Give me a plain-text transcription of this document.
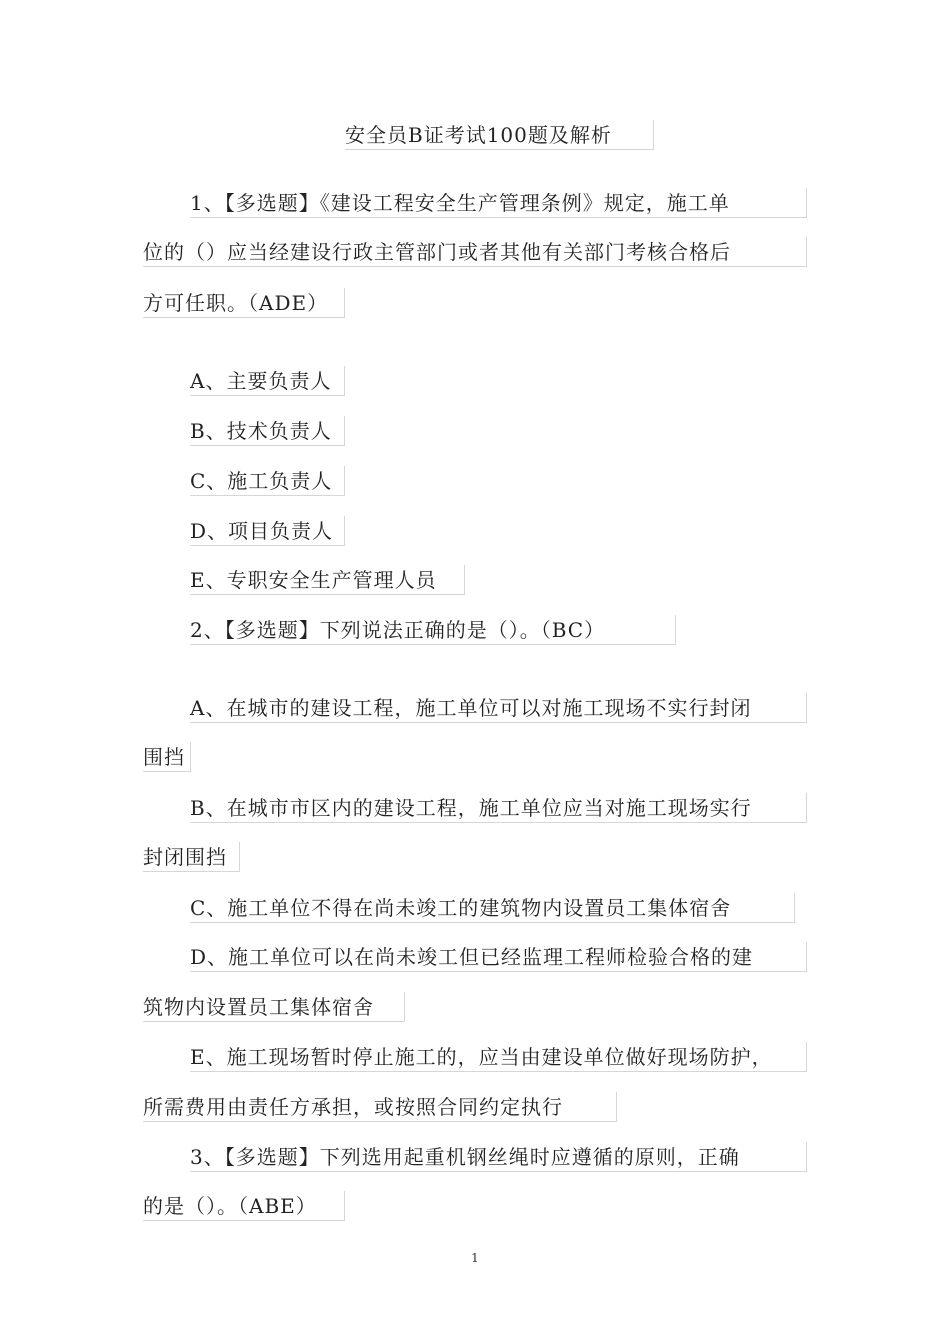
安全员B证考试100题及解析
1、【多选题】《建设工程安全生产管理条例》规定，施工单
位的（）应当经建设行政主管部门或者其他有关部门考核合格后
方可任职。（ADE）
A、主要负责人
B、技术负责人
C、施工负责人
D、项目负责人
E、专职安全生产管理人员
2、【多选题】下列说法正确的是（）。（BC）
A、在城市的建设工程，施工单位可以对施工现场不实行封闭
围挡
B、在城市市区内的建设工程，施工单位应当对施工现场实行
封闭围挡
C、施工单位不得在尚未竣工的建筑物内设置员工集体宿舍
D、施工单位可以在尚未竣工但已经监理工程师检验合格的建
筑物内设置员工集体宿舍
E、施工现场暂时停止施工的，应当由建设单位做好现场防护，
所需费用由责任方承担，或按照合同约定执行
3、【多选题】下列选用起重机钢丝绳时应遵循的原则，正确
的是（）。（ABE）
1
